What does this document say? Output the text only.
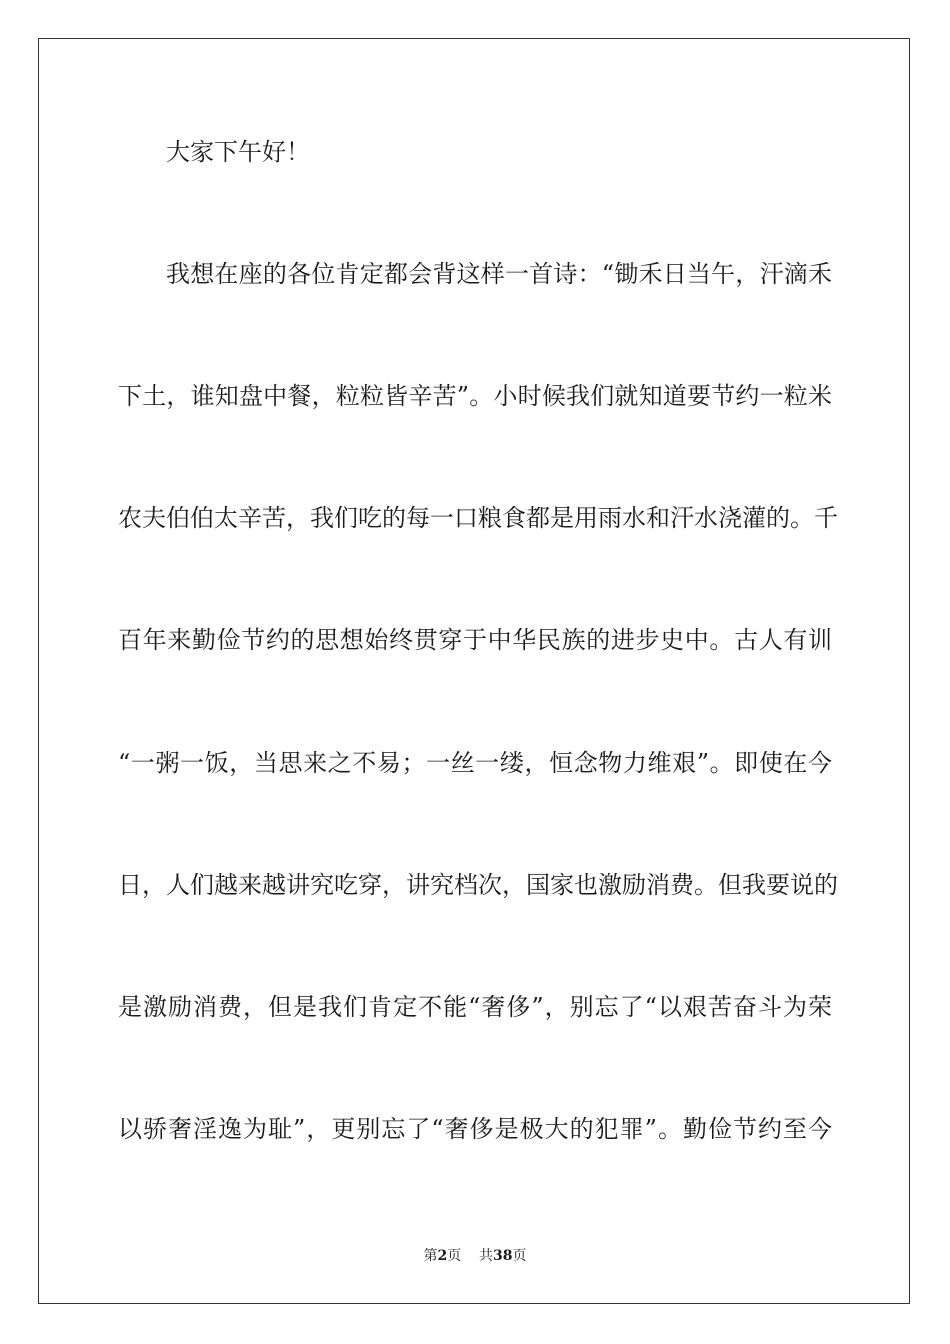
大家下午好！
我想在座的各位肯定都会背这样一首诗：“锄禾日当午，汗滴禾
下土，谁知盘中餐，粒粒皆辛苦”。小时候我们就知道要节约一粒米
农夫伯伯太辛苦，我们吃的每一口粮食都是用雨水和汗水浇灌的。千
百年来勤俭节约的思想始终贯穿于中华民族的进步史中。古人有训
“一粥一饭，当思来之不易；一丝一缕，恒念物力维艰”。即使在今
日，人们越来越讲究吃穿，讲究档次，国家也激励消费。但我要说的
是激励消费，但是我们肯定不能“奢侈”，别忘了“以艰苦奋斗为荣
以骄奢淫逸为耻”，更别忘了“奢侈是极大的犯罪”。勤俭节约至今
第2页 共38页
